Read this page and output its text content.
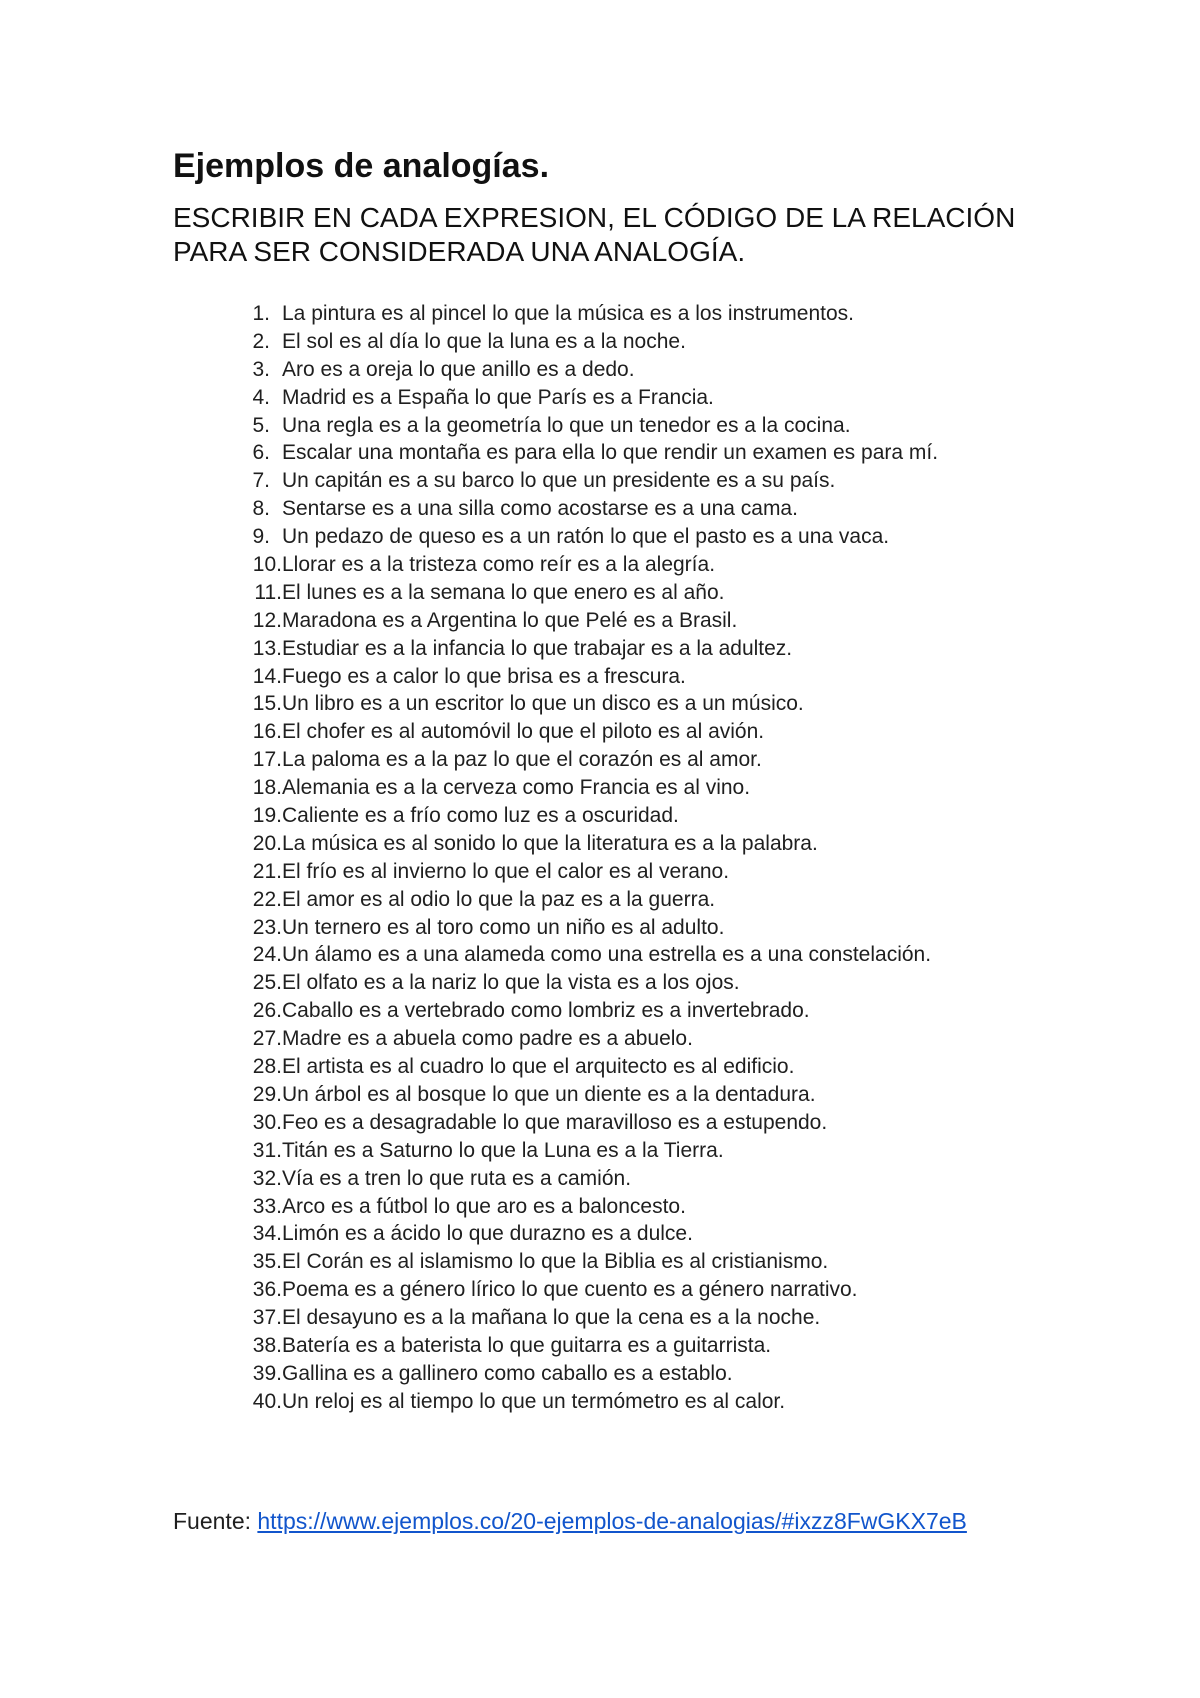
Ejemplos de analogías.
ESCRIBIR EN CADA EXPRESION, EL CÓDIGO DE LA RELACIÓN PARA SER CONSIDERADA UNA ANALOGÍA.
1. La pintura es al pincel lo que la música es a los instrumentos.
2. El sol es al día lo que la luna es a la noche.
3. Aro es a oreja lo que anillo es a dedo.
4. Madrid es a España lo que París es a Francia.
5. Una regla es a la geometría lo que un tenedor es a la cocina.
6. Escalar una montaña es para ella lo que rendir un examen es para mí.
7. Un capitán es a su barco lo que un presidente es a su país.
8. Sentarse es a una silla como acostarse es a una cama.
9. Un pedazo de queso es a un ratón lo que el pasto es a una vaca.
10. Llorar es a la tristeza como reír es a la alegría.
11. El lunes es a la semana lo que enero es al año.
12. Maradona es a Argentina lo que Pelé es a Brasil.
13. Estudiar es a la infancia lo que trabajar es a la adultez.
14. Fuego es a calor lo que brisa es a frescura.
15. Un libro es a un escritor lo que un disco es a un músico.
16. El chofer es al automóvil lo que el piloto es al avión.
17. La paloma es a la paz lo que el corazón es al amor.
18. Alemania es a la cerveza como Francia es al vino.
19. Caliente es a frío como luz es a oscuridad.
20. La música es al sonido lo que la literatura es a la palabra.
21. El frío es al invierno lo que el calor es al verano.
22. El amor es al odio lo que la paz es a la guerra.
23. Un ternero es al toro como un niño es al adulto.
24. Un álamo es a una alameda como una estrella es a una constelación.
25. El olfato es a la nariz lo que la vista es a los ojos.
26. Caballo es a vertebrado como lombriz es a invertebrado.
27. Madre es a abuela como padre es a abuelo.
28. El artista es al cuadro lo que el arquitecto es al edificio.
29. Un árbol es al bosque lo que un diente es a la dentadura.
30. Feo es a desagradable lo que maravilloso es a estupendo.
31. Titán es a Saturno lo que la Luna es a la Tierra.
32. Vía es a tren lo que ruta es a camión.
33. Arco es a fútbol lo que aro es a baloncesto.
34. Limón es a ácido lo que durazno es a dulce.
35. El Corán es al islamismo lo que la Biblia es al cristianismo.
36. Poema es a género lírico lo que cuento es a género narrativo.
37. El desayuno es a la mañana lo que la cena es a la noche.
38. Batería es a baterista lo que guitarra es a guitarrista.
39. Gallina es a gallinero como caballo es a establo.
40. Un reloj es al tiempo lo que un termómetro es al calor.
Fuente: https://www.ejemplos.co/20-ejemplos-de-analogias/#ixzz8FwGKX7eB
